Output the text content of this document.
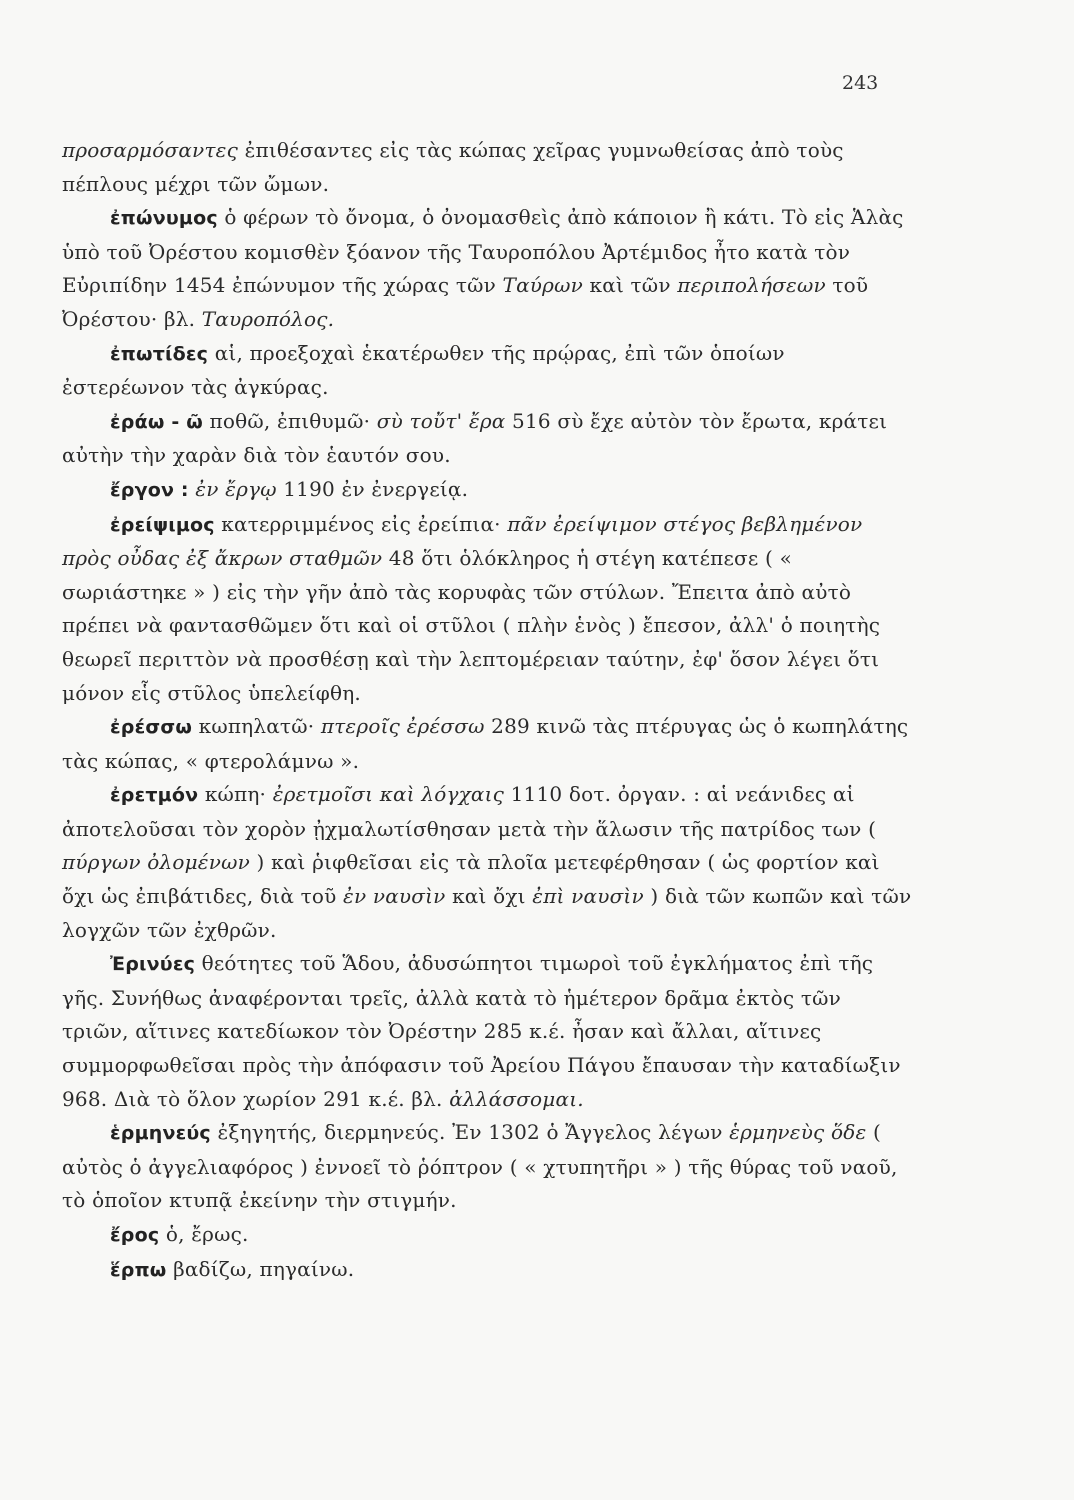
243

προσαρμόσαντες ἐπιθέσαντες εἰς τὰς κώπας χεῖρας γυμνωθείσας ἀπὸ τοὺς πέπλους μέχρι τῶν ὤμων.

ἐπώνυμος ὁ φέρων τὸ ὄνομα, ὁ ὀνομασθεὶς ἀπὸ κάποιον ἢ κάτι. Τὸ εἰς Ἁλὰς ὑπὸ τοῦ Ὀρέστου κομισθὲν ξόανον τῆς Ταυροπόλου Ἀρτέμιδος ἦτο κατὰ τὸν Εὐριπίδην 1454 ἐπώνυμον τῆς χώρας τῶν Ταύρων καὶ τῶν περιπολήσεων τοῦ Ὀρέστου· βλ. Ταυροπόλος.

ἐπωτίδες αἱ, προεξοχαὶ ἑκατέρωθεν τῆς πρῴρας, ἐπὶ τῶν ὁποίων ἐστερέωνον τὰς ἀγκύρας.

ἐράω - ῶ ποθῶ, ἐπιθυμῶ· σὺ τοὔτ' ἔρα 516 σὺ ἔχε αὐτὸν τὸν ἔρωτα, κράτει αὐτὴν τὴν χαρὰν διὰ τὸν ἑαυτόν σου.

ἔργον : ἐν ἔργῳ 1190 ἐν ἐνεργείᾳ.

ἐρείψιμος κατερριμμένος εἰς ἐρείπια· πᾶν ἐρείψιμον στέγος βεβλημένον πρὸς οὖδας ἐξ ἄκρων σταθμῶν 48 ὅτι ὁλόκληρος ἡ στέγη κατέπεσε ( « σωριάστηκε » ) εἰς τὴν γῆν ἀπὸ τὰς κορυφὰς τῶν στύλων. Ἔπειτα ἀπὸ αὐτὸ πρέπει νὰ φαντασθῶμεν ὅτι καὶ οἱ στῦλοι ( πλὴν ἑνὸς ) ἔπεσον, ἀλλ' ὁ ποιητὴς θεωρεῖ περιττὸν νὰ προσθέσῃ καὶ τὴν λεπτομέρειαν ταύτην, ἐφ' ὅσον λέγει ὅτι μόνον εἷς στῦλος ὑπελείφθη.

ἐρέσσω κωπηλατῶ· πτεροῖς ἐρέσσω 289 κινῶ τὰς πτέρυγας ὡς ὁ κωπηλάτης τὰς κώπας, « φτερολάμνω ».

ἐρετμόν κώπη· ἐρετμοῖσι καὶ λόγχαις 1110 δοτ. ὀργαν. : αἱ νεάνιδες αἱ ἀποτελοῦσαι τὸν χορὸν ᾐχμαλωτίσθησαν μετὰ τὴν ἅλωσιν τῆς πατρίδος των ( πύργων ὀλομένων ) καὶ ῥιφθεῖσαι εἰς τὰ πλοῖα μετεφέρθησαν ( ὡς φορτίον καὶ ὄχι ὡς ἐπιβάτιδες, διὰ τοῦ ἐν ναυσὶν καὶ ὄχι ἐπὶ ναυσὶν ) διὰ τῶν κωπῶν καὶ τῶν λογχῶν τῶν ἐχθρῶν.

Ἐρινύες θεότητες τοῦ Ἅδου, ἀδυσώπητοι τιμωροὶ τοῦ ἐγκλήματος ἐπὶ τῆς γῆς. Συνήθως ἀναφέρονται τρεῖς, ἀλλὰ κατὰ τὸ ἡμέτερον δρᾶμα ἐκτὸς τῶν τριῶν, αἵτινες κατεδίωκον τὸν Ὀρέστην 285 κ.έ. ἦσαν καὶ ἄλλαι, αἵτινες συμμορφωθεῖσαι πρὸς τὴν ἀπόφασιν τοῦ Ἀρείου Πάγου ἔπαυσαν τὴν καταδίωξιν 968. Διὰ τὸ ὅλον χωρίον 291 κ.έ. βλ. ἀλλάσσομαι.

ἑρμηνεύς ἐξηγητής, διερμηνεύς. Ἐν 1302 ὁ Ἄγγελος λέγων ἑρμηνεὺς ὅδε ( αὐτὸς ὁ ἀγγελιαφόρος ) ἐννοεῖ τὸ ῥόπτρον ( « χτυπητῆρι » ) τῆς θύρας τοῦ ναοῦ, τὸ ὁποῖον κτυπᾷ ἐκείνην τὴν στιγμήν.

ἔρος ὁ, ἔρως.

ἕρπω βαδίζω, πηγαίνω.
